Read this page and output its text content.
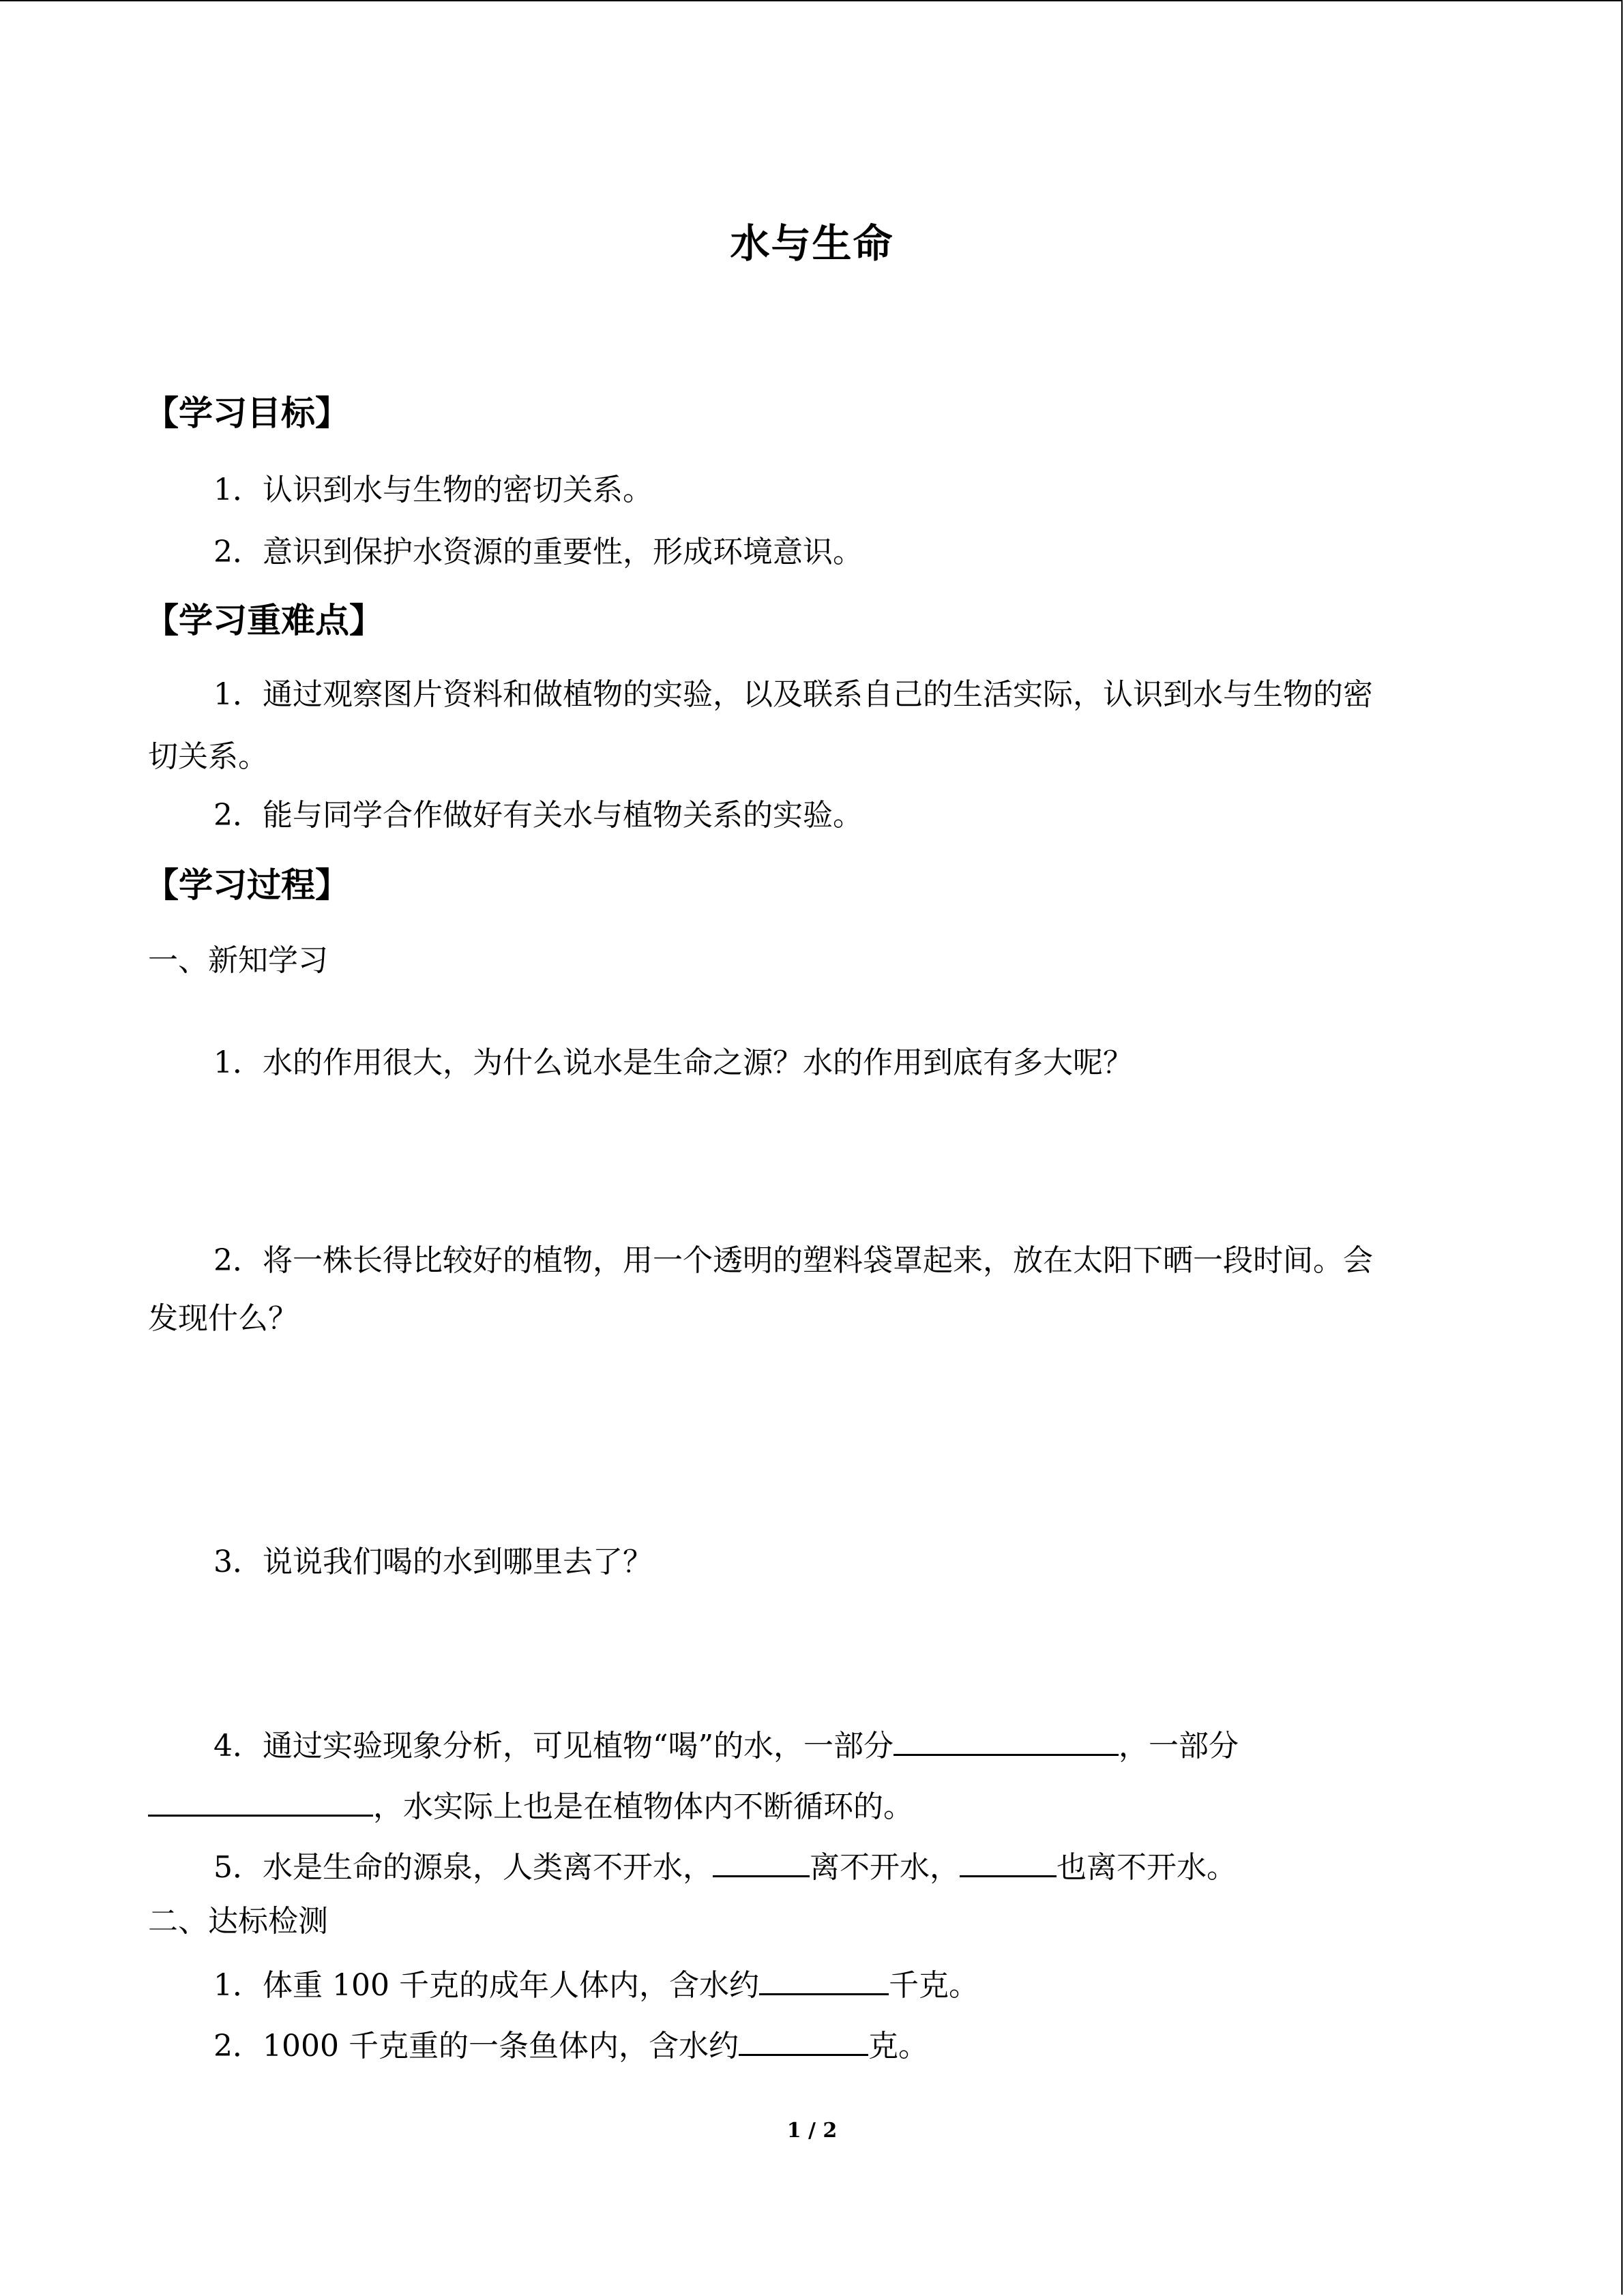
水与生命
【学习目标】
1．认识到水与生物的密切关系。
2．意识到保护水资源的重要性，形成环境意识。
【学习重难点】
1．通过观察图片资料和做植物的实验，以及联系自己的生活实际，认识到水与生物的密
切关系。
2．能与同学合作做好有关水与植物关系的实验。
【学习过程】
一、新知学习
1．水的作用很大，为什么说水是生命之源？水的作用到底有多大呢？
2．将一株长得比较好的植物，用一个透明的塑料袋罩起来，放在太阳下晒一段时间。会
发现什么？
3．说说我们喝的水到哪里去了？
4．通过实验现象分析，可见植物“喝”的水，一部分	，一部分
，水实际上也是在植物体内不断循环的。
5．水是生命的源泉，人类离不开水，	离不开水，	也离不开水。
二、达标检测
1．体重 100 千克的成年人体内，含水约	千克。
2．1000 千克重的一条鱼体内，含水约	克。
1 / 2
